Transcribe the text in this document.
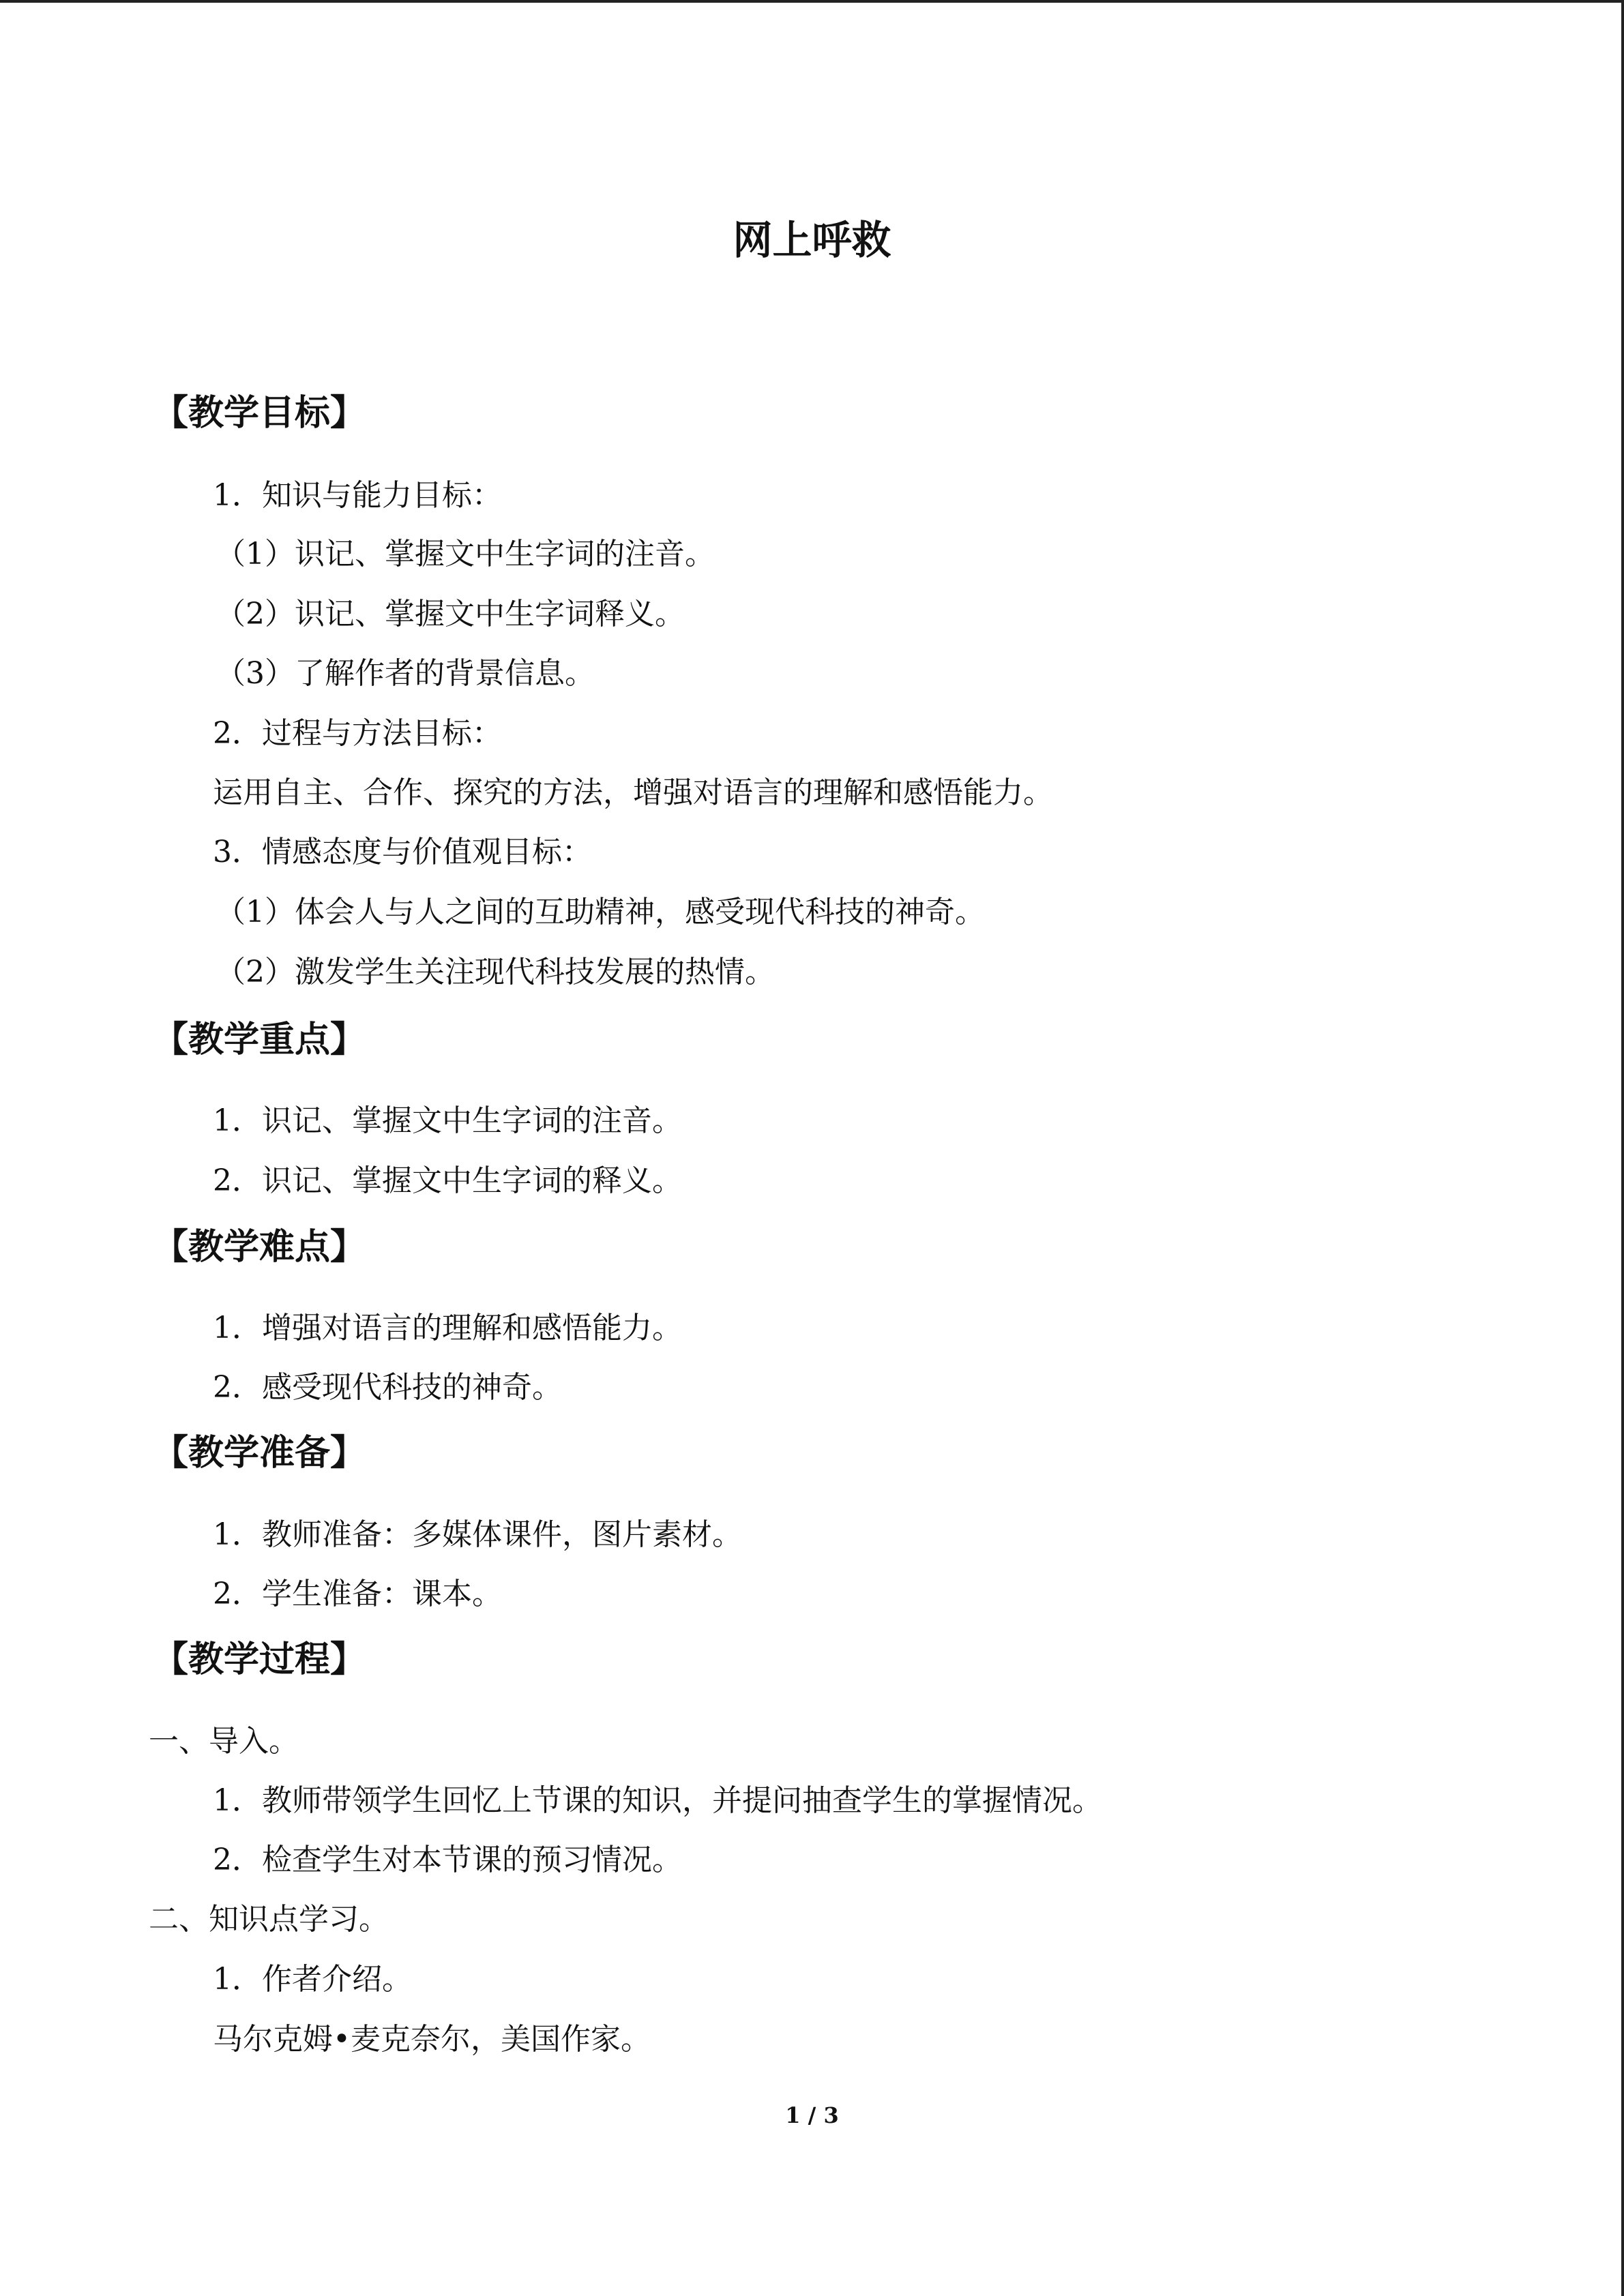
网上呼救
【教学目标】

1．知识与能力目标：

（1）识记、掌握文中生字词的注音。

（2）识记、掌握文中生字词释义。

（3）了解作者的背景信息。

2．过程与方法目标：

运用自主、合作、探究的方法，增强对语言的理解和感悟能力。

3．情感态度与价值观目标：

（1）体会人与人之间的互助精神，感受现代科技的神奇。

（2）激发学生关注现代科技发展的热情。

【教学重点】

1．识记、掌握文中生字词的注音。

2．识记、掌握文中生字词的释义。

【教学难点】

1．增强对语言的理解和感悟能力。

2．感受现代科技的神奇。

【教学准备】

1．教师准备：多媒体课件，图片素材。

2．学生准备：课本。

【教学过程】

一、导入。

1．教师带领学生回忆上节课的知识，并提问抽查学生的掌握情况。

2．检查学生对本节课的预习情况。

二、知识点学习。

1．作者介绍。

马尔克姆•麦克奈尔，美国作家。

1 / 3
